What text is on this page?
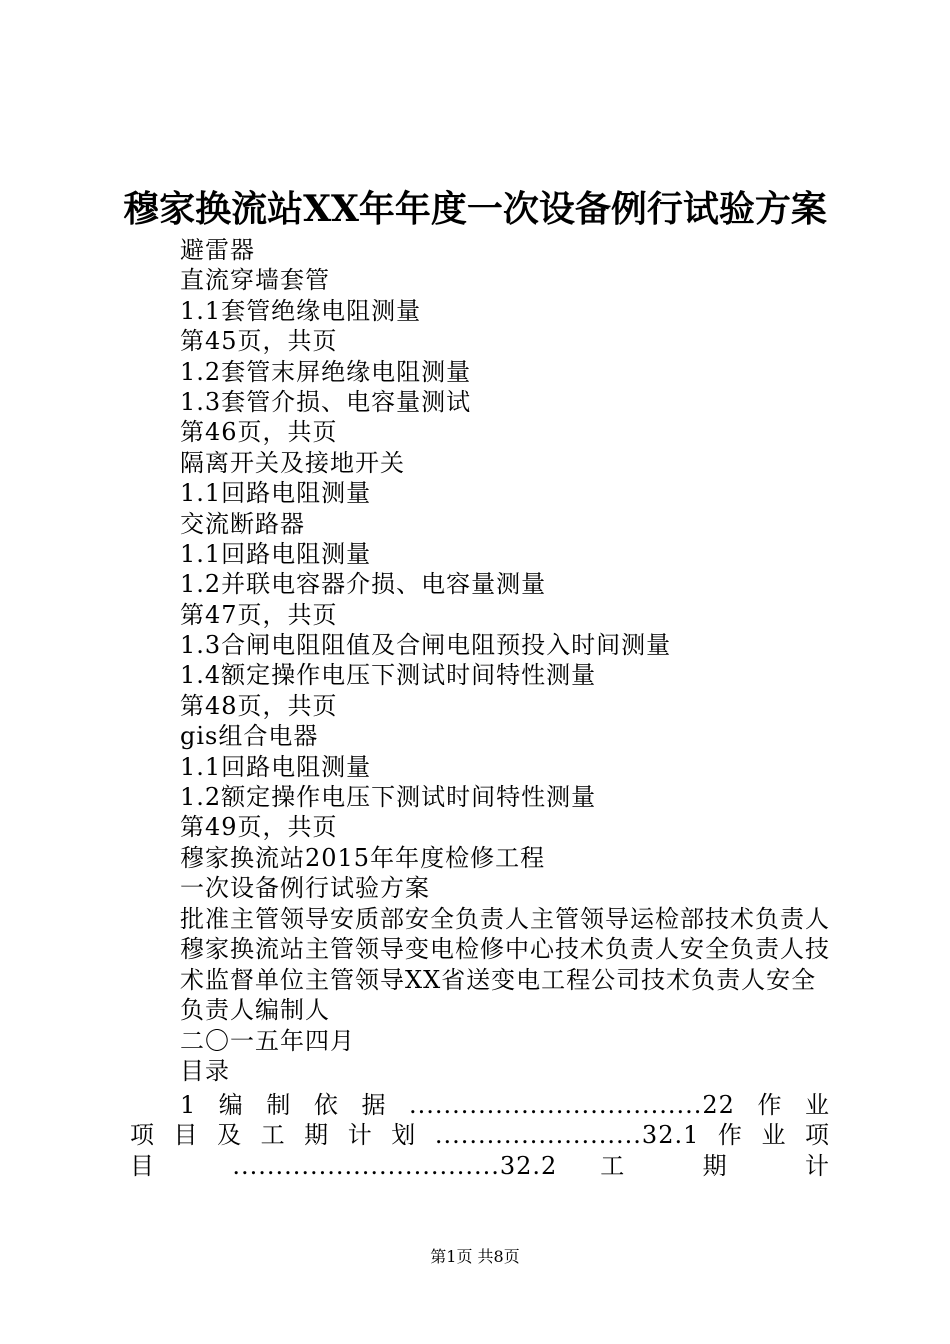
穆家换流站XX年年度一次设备例行试验方案
避雷器
直流穿墙套管
1.1套管绝缘电阻测量
第45页，共页
1.2套管末屏绝缘电阻测量
1.3套管介损、电容量测试
第46页，共页
隔离开关及接地开关
1.1回路电阻测量
交流断路器
1.1回路电阻测量
1.2并联电容器介损、电容量测量
第47页，共页
1.3合闸电阻阻值及合闸电阻预投入时间测量
1.4额定操作电压下测试时间特性测量
第48页，共页
gis组合电器
1.1回路电阻测量
1.2额定操作电压下测试时间特性测量
第49页，共页
穆家换流站2015年年度检修工程
一次设备例行试验方案
批准主管领导安质部安全负责人主管领导运检部技术负责人穆家换流站主管领导变电检修中心技术负责人安全负责人技术监督单位主管领导XX省送变电工程公司技术负责人安全负责人编制人
二〇一五年四月
目录
1编制依据..................................22作业
项目及工期计划........................32.1作业项
目 ...............................32.2 工 期 计
第1页 共8页
